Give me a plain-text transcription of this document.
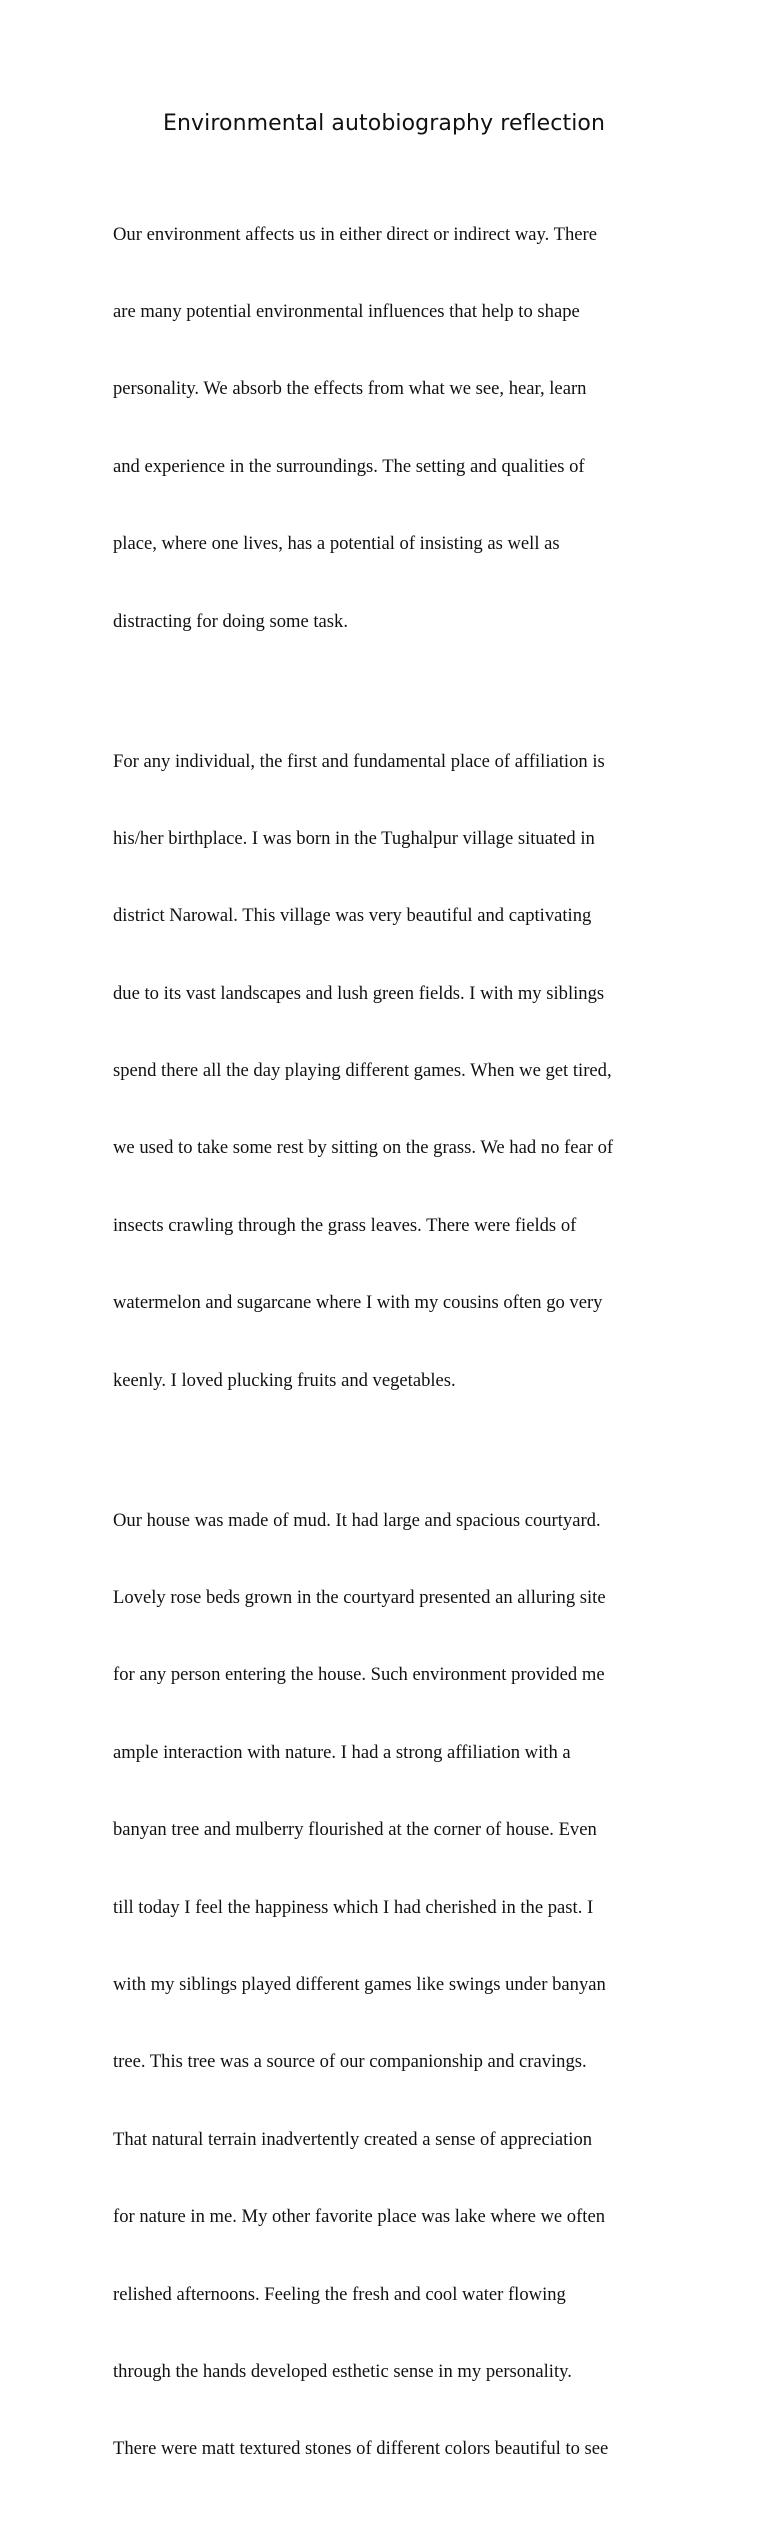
Environmental autobiography reflection

Our environment affects us in either direct or indirect way. There

are many potential environmental influences that help to shape

personality. We absorb the effects from what we see, hear, learn

and experience in the surroundings. The setting and qualities of

place, where one lives, has a potential of insisting as well as

distracting for doing some task.

For any individual, the first and fundamental place of affiliation is

his/her birthplace. I was born in the Tughalpur village situated in

district Narowal. This village was very beautiful and captivating

due to its vast landscapes and lush green fields. I with my siblings

spend there all the day playing different games. When we get tired,

we used to take some rest by sitting on the grass. We had no fear of

insects crawling through the grass leaves. There were fields of

watermelon and sugarcane where I with my cousins often go very

keenly. I loved plucking fruits and vegetables.

Our house was made of mud. It had large and spacious courtyard.

Lovely rose beds grown in the courtyard presented an alluring site

for any person entering the house. Such environment provided me

ample interaction with nature. I had a strong affiliation with a

banyan tree and mulberry flourished at the corner of house. Even

till today I feel the happiness which I had cherished in the past. I

with my siblings played different games like swings under banyan

tree. This tree was a source of our companionship and cravings.

That natural terrain inadvertently created a sense of appreciation

for nature in me. My other favorite place was lake where we often

relished afternoons. Feeling the fresh and cool water flowing

through the hands developed esthetic sense in my personality.

There were matt textured stones of different colors beautiful to see
